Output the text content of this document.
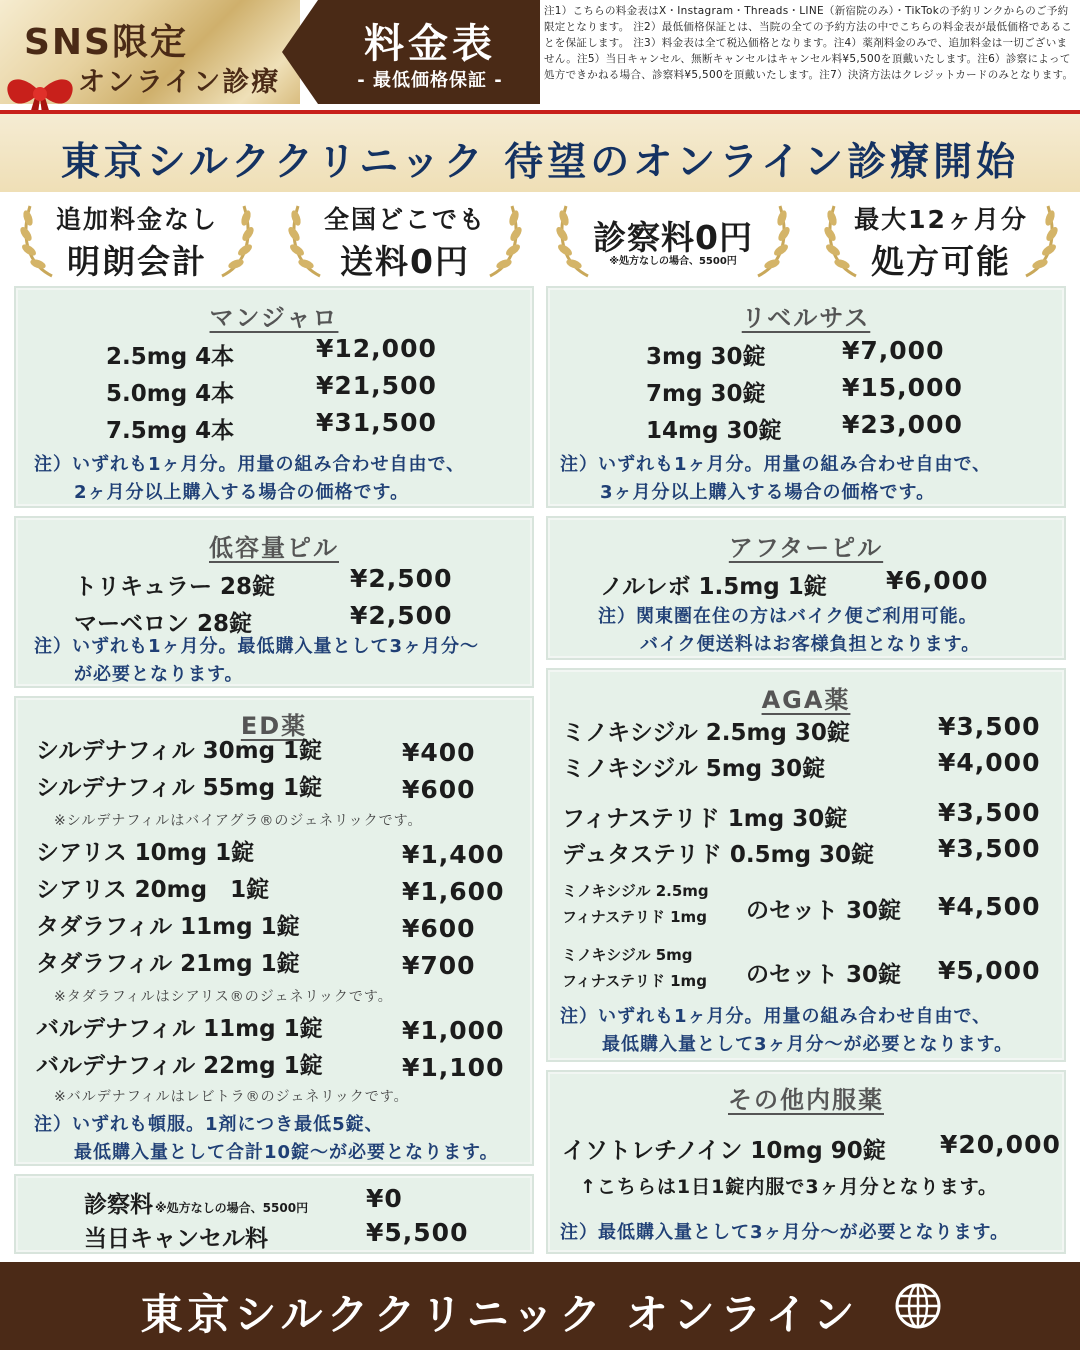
SNS限定
オンライン診療
料金表
- 最低価格保証 -
注1）こちらの料金表はX・Instagram・Threads・LINE（新宿院のみ）・TikTokの予約リンクからのご予約限定となります。 注2）最低価格保証とは、当院の全ての予約方法の中でこちらの料金表が最低価格であることを保証します。 注3）料金表は全て税込価格となります。注4）薬剤料金のみで、追加料金は一切ございません。注5）当日キャンセル、無断キャンセルはキャンセル料¥5,500を頂戴いたします。注6）診察によって処方できかねる場合、診察料¥5,500を頂戴いたします。注7）決済方法はクレジットカードのみとなります。
東京シルククリニック 待望のオンライン診療開始
追加料金なし
明朗会計
全国どこでも
送料0円
診察料0円
※処方なしの場合、5500円
最大12ヶ月分
処方可能
マンジャロ
2.5mg 4本	¥12,000
5.0mg 4本	¥21,500
7.5mg 4本	¥31,500
注）いずれも1ヶ月分。用量の組み合わせ自由で、
2ヶ月分以上購入する場合の価格です。
低容量ピル
トリキュラー 28錠	¥2,500
マーベロン 28錠	¥2,500
注）いずれも1ヶ月分。最低購入量として3ヶ月分～
が必要となります。
ED薬
シルデナフィル 30mg 1錠	¥400
シルデナフィル 55mg 1錠	¥600
※シルデナフィルはバイアグラ®のジェネリックです。
シアリス 10mg 1錠	¥1,400
シアリス 20mg　1錠	¥1,600
タダラフィル 11mg 1錠	¥600
タダラフィル 21mg 1錠	¥700
※タダラフィルはシアリス®のジェネリックです。
バルデナフィル 11mg 1錠	¥1,000
バルデナフィル 22mg 1錠	¥1,100
※バルデナフィルはレビトラ®のジェネリックです。
注）いずれも頓服。1剤につき最低5錠、
最低購入量として合計10錠～が必要となります。
診察料 ※処方なしの場合、5500円 ¥0
当日キャンセル料	¥5,500
リベルサス
3mg 30錠	¥7,000
7mg 30錠	¥15,000
14mg 30錠 ¥23,000
注）いずれも1ヶ月分。用量の組み合わせ自由で、
3ヶ月分以上購入する場合の価格です。
アフターピル
ノルレボ 1.5mg 1錠 ¥6,000
注）関東圏在住の方はバイク便ご利用可能。
バイク便送料はお客様負担となります。
AGA薬
ミノキシジル 2.5mg 30錠	¥3,500
ミノキシジル 5mg 30錠	¥4,000
フィナステリド 1mg 30錠	¥3,500
デュタステリド 0.5mg 30錠	¥3,500
ミノキシジル 2.5mg
フィナステリド 1mg のセット 30錠 ¥4,500
ミノキシジル 5mg
フィナステリド 1mg のセット 30錠 ¥5,000
注）いずれも1ヶ月分。用量の組み合わせ自由で、
最低購入量として3ヶ月分～が必要となります。
その他内服薬
イソトレチノイン 10mg 90錠 ¥20,000
↑こちらは1日1錠内服で3ヶ月分となります。
注）最低購入量として3ヶ月分～が必要となります。
東京シルククリニック オンライン
